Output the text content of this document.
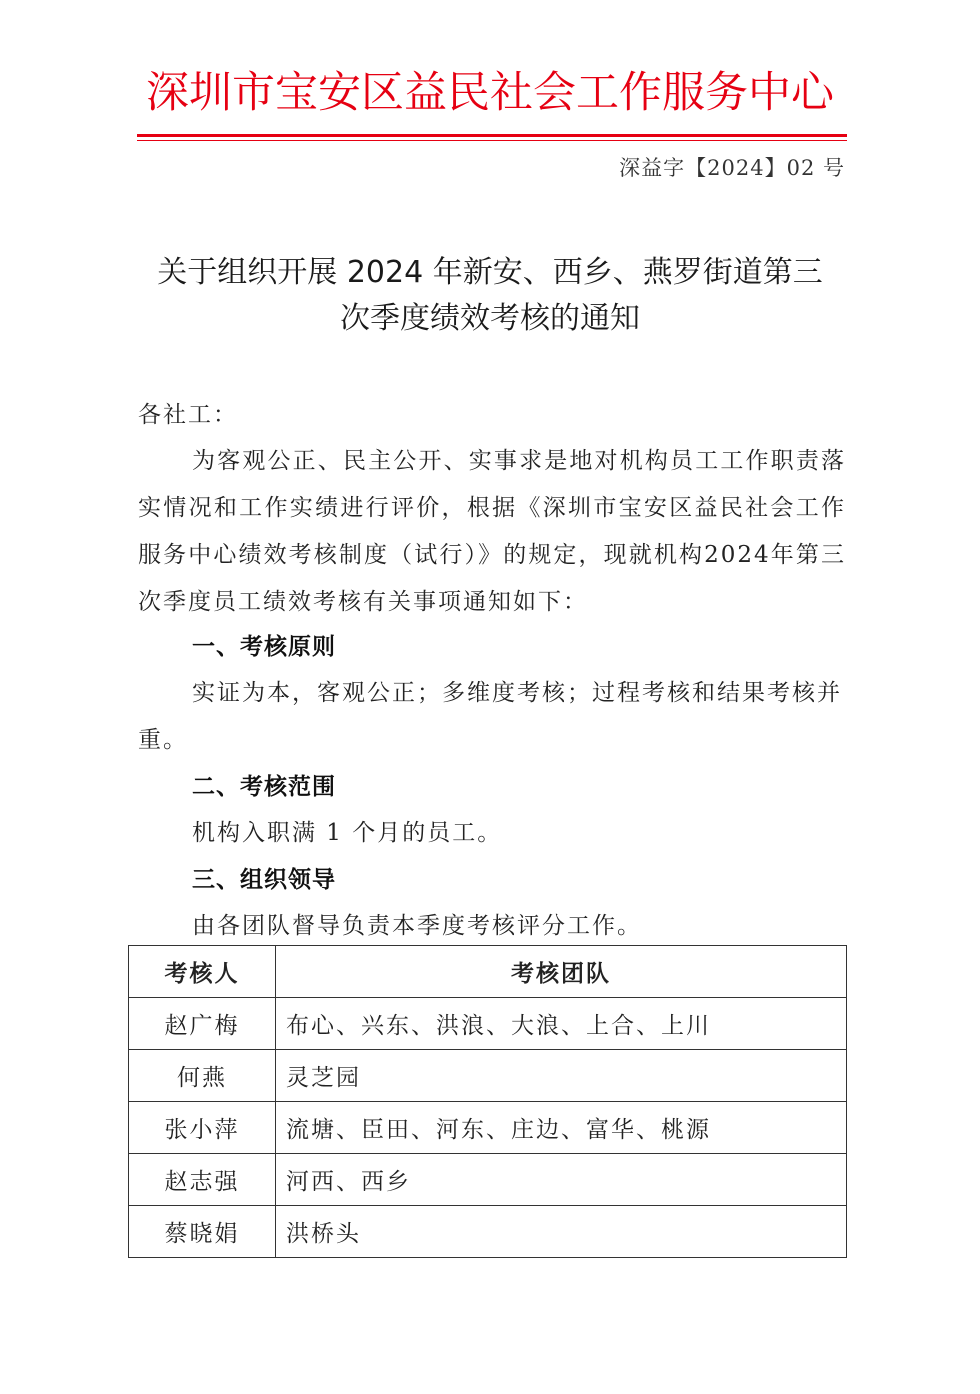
深圳市宝安区益民社会工作服务中心
深益字【2024】02 号
关于组织开展 2024 年新安、西乡、燕罗街道第三
次季度绩效考核的通知

各社工：

为客观公正、民主公开、实事求是地对机构员工工作职责落实情况和工作实绩进行评价，根据《深圳市宝安区益民社会工作服务中心绩效考核制度（试行）》的规定，现就机构2024年第三次季度员工绩效考核有关事项通知如下：

一、考核原则

实证为本，客观公正；多维度考核；过程考核和结果考核并重。

二、考核范围

机构入职满 1 个月的员工。

三、组织领导

由各团队督导负责本季度考核评分工作。

考核人	考核团队
赵广梅	布心、兴东、洪浪、大浪、上合、上川
何燕	灵芝园
张小萍	流塘、臣田、河东、庄边、富华、桃源
赵志强	河西、西乡
蔡晓娟	洪桥头
